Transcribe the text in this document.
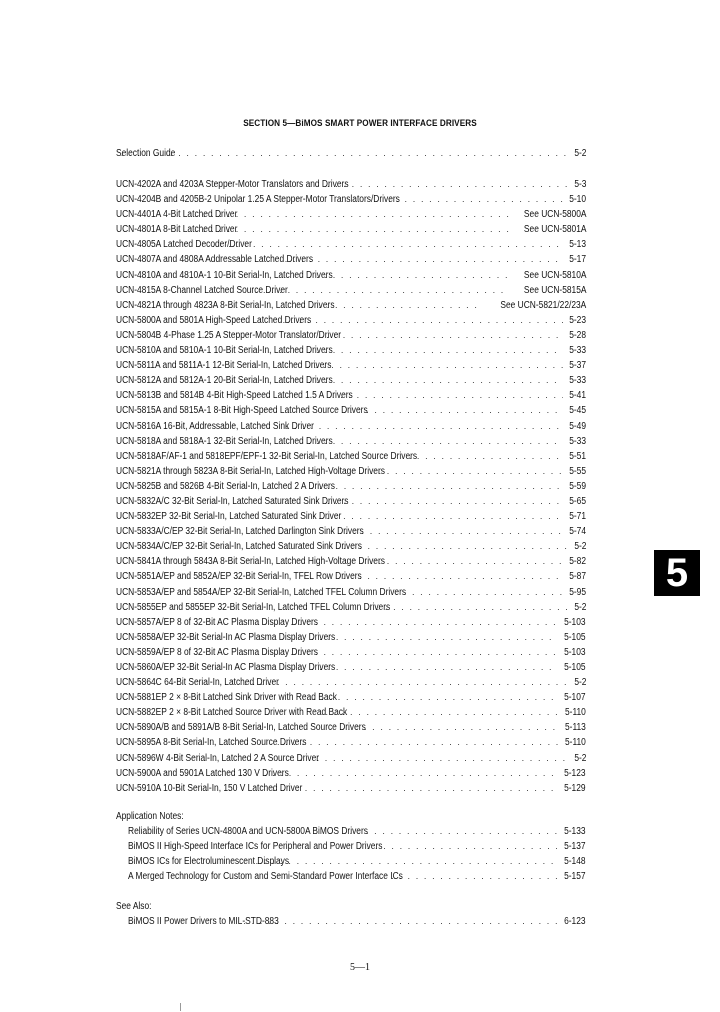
SECTION 5—BiMOS SMART POWER INTERFACE DRIVERS
Selection Guide . . .	5-2
UCN-4202A and 4203A Stepper-Motor Translators and Drivers . . .	5-3
UCN-4204B and 4205B-2 Unipolar 1.25 A Stepper-Motor Translators/Drivers . . .	5-10
UCN-4401A 4-Bit Latched Driver . . .	See UCN-5800A
UCN-4801A 8-Bit Latched Driver . . .	See UCN-5801A
UCN-4805A Latched Decoder/Driver . . .	5-13
UCN-4807A and 4808A Addressable Latched Drivers . . .	5-17
UCN-4810A and 4810A-1 10-Bit Serial-In, Latched Drivers . . .	See UCN-5810A
UCN-4815A 8-Channel Latched Source Driver . . .	See UCN-5815A
UCN-4821A through 4823A 8-Bit Serial-In, Latched Drivers . . .	See UCN-5821/22/23A
UCN-5800A and 5801A High-Speed Latched Drivers . . .	5-23
UCN-5804B 4-Phase 1.25 A Stepper-Motor Translator/Driver . . .	5-28
UCN-5810A and 5810A-1 10-Bit Serial-In, Latched Drivers . . .	5-33
UCN-5811A and 5811A-1 12-Bit Serial-In, Latched Drivers . . .	5-37
UCN-5812A and 5812A-1 20-Bit Serial-In, Latched Drivers . . .	5-33
UCN-5813B and 5814B 4-Bit High-Speed Latched 1.5 A Drivers . . .	5-41
UCN-5815A and 5815A-1 8-Bit High-Speed Latched Source Drivers . . .	5-45
UCN-5816A 16-Bit, Addressable, Latched Sink Driver . . .	5-49
UCN-5818A and 5818A-1 32-Bit Serial-In, Latched Drivers . . .	5-33
UCN-5818AF/AF-1 and 5818EPF/EPF-1 32-Bit Serial-In, Latched Source Drivers . . .	5-51
UCN-5821A through 5823A 8-Bit Serial-In, Latched High-Voltage Drivers . . .	5-55
UCN-5825B and 5826B 4-Bit Serial-In, Latched 2 A Drivers . . .	5-59
UCN-5832A/C 32-Bit Serial-In, Latched Saturated Sink Drivers . . .	5-65
UCN-5832EP 32-Bit Serial-In, Latched Saturated Sink Driver . . .	5-71
UCN-5833A/C/EP 32-Bit Serial-In, Latched Darlington Sink Drivers . . .	5-74
UCN-5834A/C/EP 32-Bit Serial-In, Latched Saturated Sink Drivers . . .	5-2
UCN-5841A through 5843A 8-Bit Serial-In, Latched High-Voltage Drivers . . .	5-82
UCN-5851A/EP and 5852A/EP 32-Bit Serial-In, TFEL Row Drivers . . .	5-87
UCN-5853A/EP and 5854A/EP 32-Bit Serial-In, Latched TFEL Column Drivers . . .	5-95
UCN-5855EP and 5855EP 32-Bit Serial-In, Latched TFEL Column Drivers . . .	5-2
UCN-5857A/EP 8 of 32-Bit AC Plasma Display Drivers . . .	5-103
UCN-5858A/EP 32-Bit Serial-In AC Plasma Display Drivers . . .	5-105
UCN-5859A/EP 8 of 32-Bit AC Plasma Display Drivers . . .	5-103
UCN-5860A/EP 32-Bit Serial-In AC Plasma Display Drivers . . .	5-105
UCN-5864C 64-Bit Serial-In, Latched Driver . . .	5-2
UCN-5881EP 2 × 8-Bit Latched Sink Driver with Read Back . . .	5-107
UCN-5882EP 2 × 8-Bit Latched Source Driver with Read Back . . .	5-110
UCN-5890A/B and 5891A/B 8-Bit Serial-In, Latched Source Drivers . . .	5-113
UCN-5895A 8-Bit Serial-In, Latched Source Drivers . . .	5-110
UCN-5896W 4-Bit Serial-In, Latched 2 A Source Driver . . .	5-2
UCN-5900A and 5901A Latched 130 V Drivers . . .	5-123
UCN-5910A 10-Bit Serial-In, 150 V Latched Driver . . .	5-129
Application Notes:
Reliability of Series UCN-4800A and UCN-5800A BiMOS Drivers . . .	5-133
BiMOS II High-Speed Interface ICs for Peripheral and Power Drivers . . .	5-137
BiMOS ICs for Electroluminescent Displays . . .	5-148
A Merged Technology for Custom and Semi-Standard Power Interface ICs . . .	5-157
See Also:
BiMOS II Power Drivers to MIL-STD-883 . . .	6-123
5
5—1
